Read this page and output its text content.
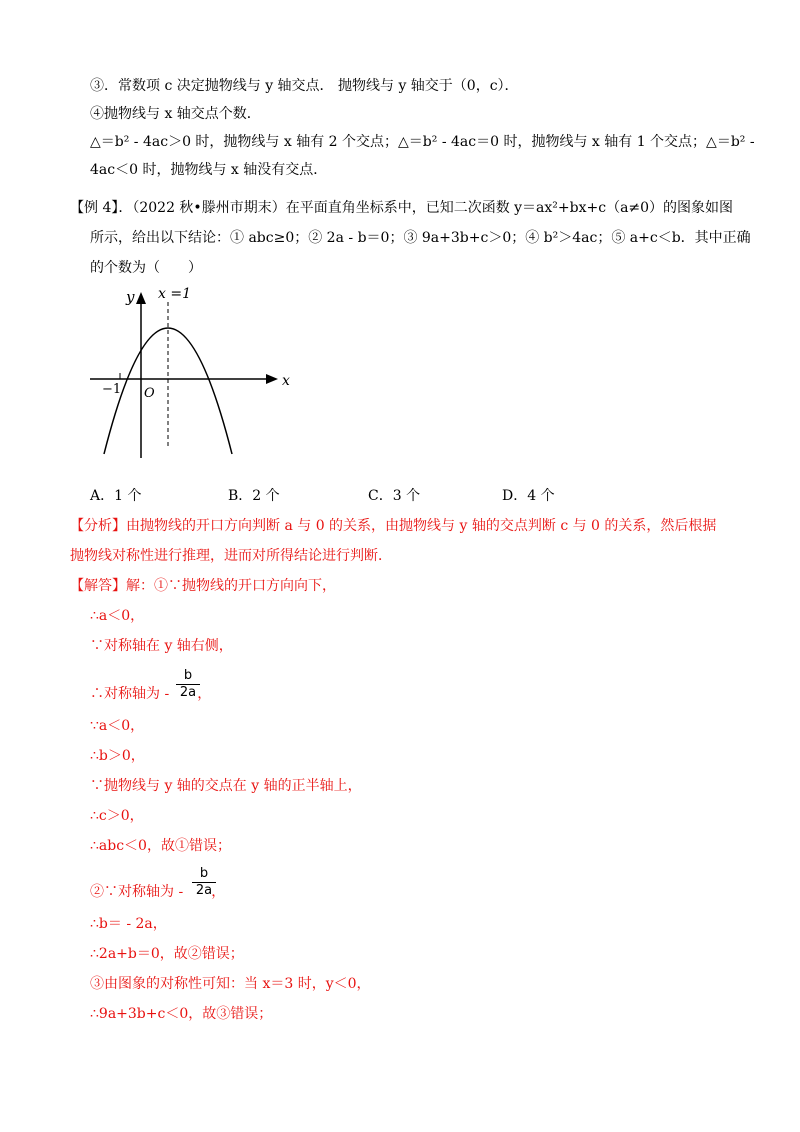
③．常数项 c 决定抛物线与 y 轴交点． 抛物线与 y 轴交于（0，c）．
④抛物线与 x 轴交点个数．
△＝b² - 4ac＞0 时，抛物线与 x 轴有 2 个交点；△＝b² - 4ac＝0 时，抛物线与 x 轴有 1 个交点；△＝b² -
4ac＜0 时，抛物线与 x 轴没有交点．
【例 4】．（2022 秋•滕州市期末）在平面直角坐标系中，已知二次函数 y＝ax²+bx+c（a≠0）的图象如图
所示，给出以下结论：① abc≥0；② 2a - b＝0；③ 9a+3b+c＞0；④ b²＞4ac；⑤ a+c＜b．其中正确
的个数为（　　）
y
x
x =1
O
−1
A．1 个	B．2 个	C．3 个	D．4 个
【分析】由抛物线的开口方向判断 a 与 0 的关系，由抛物线与 y 轴的交点判断 c 与 0 的关系，然后根据
抛物线对称性进行推理，进而对所得结论进行判断．
【解答】解：①∵抛物线的开口方向向下，
∴a＜0，
∵对称轴在 y 轴右侧，
∴对称轴为 - ，
$\frac{b}{2a}$
∵a＜0，
∴b＞0，
∵抛物线与 y 轴的交点在 y 轴的正半轴上，
∴c＞0，
∴abc＜0，故①错误；
②∵对称轴为 - ，
$\frac{b}{2a}$
∴b＝ - 2a，
∴2a+b＝0，故②错误；
③由图象的对称性可知：当 x＝3 时，y＜0，
∴9a+3b+c＜0，故③错误；
